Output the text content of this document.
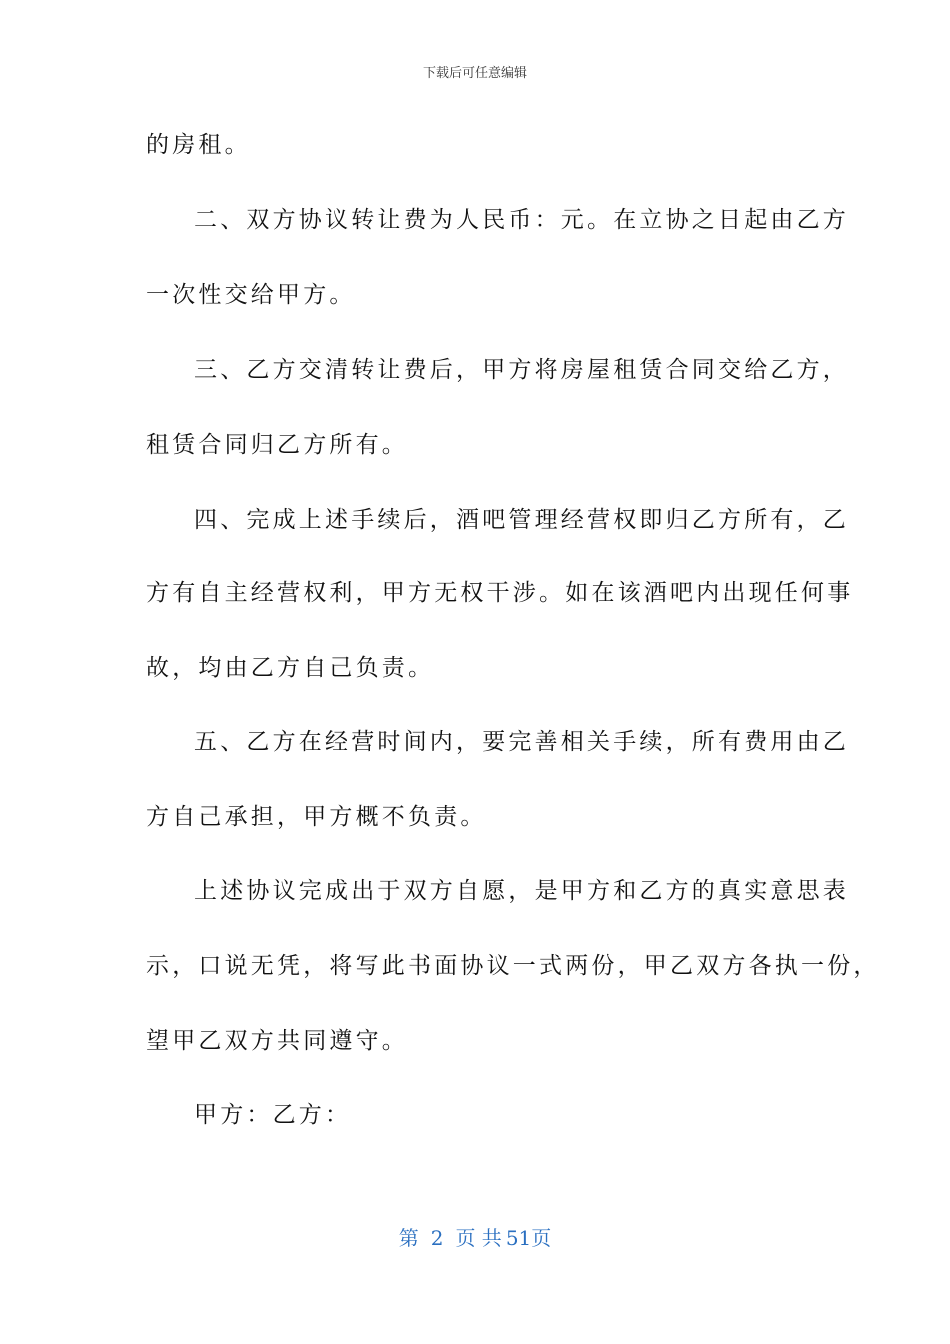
下载后可任意编辑
的房租。
二、双方协议转让费为人民币：元。在立协之日起由乙方
一次性交给甲方。
三、乙方交清转让费后，甲方将房屋租赁合同交给乙方，
租赁合同归乙方所有。
四、完成上述手续后，酒吧管理经营权即归乙方所有，乙
方有自主经营权利，甲方无权干涉。如在该酒吧内出现任何事
故，均由乙方自己负责。
五、乙方在经营时间内，要完善相关手续，所有费用由乙
方自己承担，甲方概不负责。
上述协议完成出于双方自愿，是甲方和乙方的真实意思表
示，口说无凭，将写此书面协议一式两份，甲乙双方各执一份，
望甲乙双方共同遵守。
甲方：乙方：
第 2 页 共 51页
